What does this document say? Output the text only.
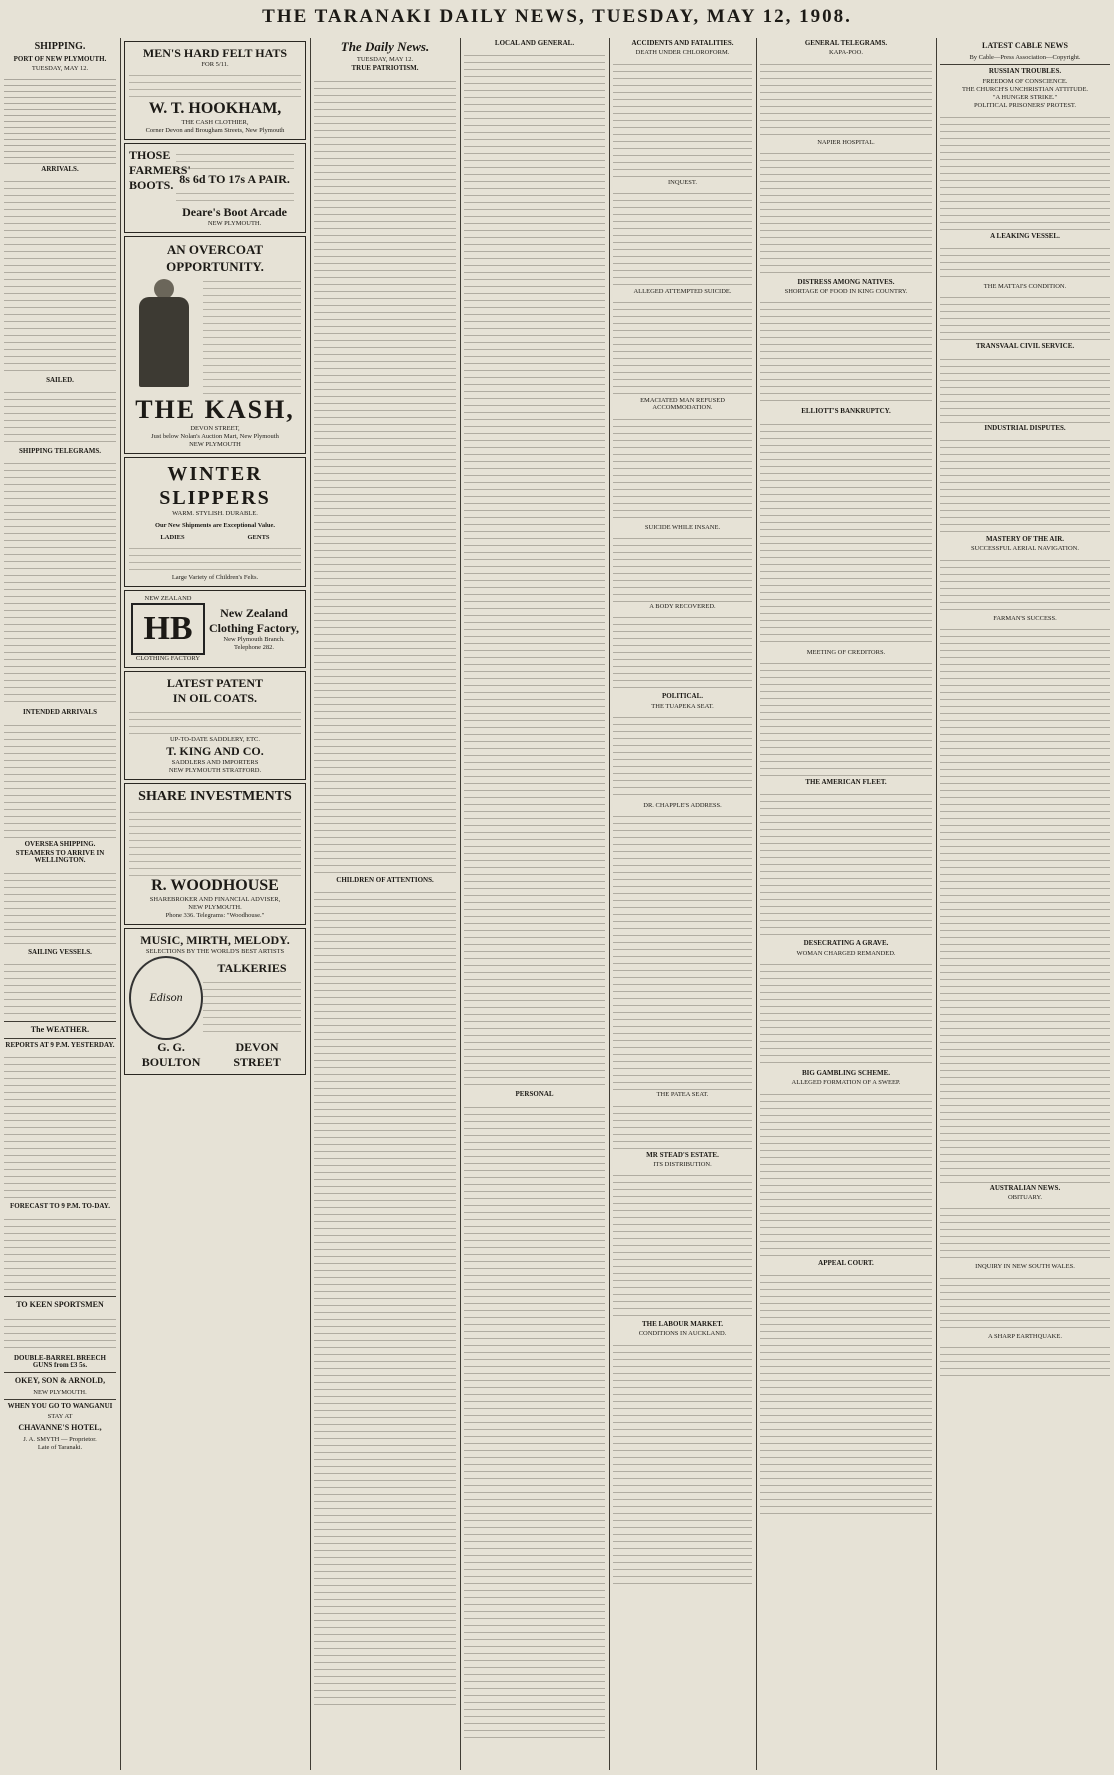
THE TARANAKI DAILY NEWS, TUESDAY, MAY 12, 1908.
SHIPPING.
PORT OF NEW PLYMOUTH.
TUESDAY, MAY 12.
ARRIVALS.
SAILED.
SHIPPING TELEGRAMS.
INTENDED ARRIVALS
OVERSEA SHIPPING.
STEAMERS TO ARRIVE IN WELLINGTON.
SAILING VESSELS.
The WEATHER.
REPORTS AT 9 P.M. YESTERDAY.
FORECAST TO 9 P.M. TO-DAY.
TO KEEN SPORTSMEN
DOUBLE-BARREL BREECH GUNS from £3 5s.
OKEY, SON & ARNOLD,
NEW PLYMOUTH.
WHEN YOU GO TO WANGANUI
STAY AT
CHAVANNE'S HOTEL,
J. A. SMYTH — Proprietor.
Late of Taranaki.
MEN'S HARD FELT HATS
FOR 5/11.
W. T. HOOKHAM,
THE CASH CLOTHIER,
Corner Devon and Brougham Streets, New Plymouth
THOSE FARMERS' BOOTS. 8s 6d TO 17s A PAIR.
Deare's Boot Arcade
NEW PLYMOUTH.
AN OVERCOAT OPPORTUNITY.
THE KASH,
DEVON STREET,
Just below Nolan's Auction Mart, New Plymouth
NEW PLYMOUTH
WINTER SLIPPERS
WARM. STYLISH. DURABLE.
Our New Shipments are Exceptional Value.
LADIES	GENTS
Large Variety of Children's Felts.
NEW ZEALAND
HB
CLOTHING FACTORY
New Zealand Clothing Factory,
New Plymouth Branch.
Telephone 282.
LATEST PATENT
IN OIL COATS.
UP-TO-DATE SADDLERY, ETC.
T. KING AND CO.
SADDLERS AND IMPORTERS
NEW PLYMOUTH STRATFORD.
SHARE INVESTMENTS
R. WOODHOUSE
SHAREBROKER AND FINANCIAL ADVISER,
NEW PLYMOUTH.
Phone 336. Telegrams: "Woodhouse."
MUSIC, MIRTH, MELODY.
SELECTIONS BY THE WORLD'S BEST ARTISTS
Edison
TALKERIES
G. G. BOULTON
DEVON STREET
The Daily News.
TUESDAY, MAY 12.
TRUE PATRIOTISM.
CHILDREN OF ATTENTIONS.
LOCAL AND GENERAL.
PERSONAL
ACCIDENTS AND FATALITIES.
DEATH UNDER CHLOROFORM.
INQUEST.
ALLEGED ATTEMPTED SUICIDE.
EMACIATED MAN REFUSED ACCOMMODATION.
SUICIDE WHILE INSANE.
A BODY RECOVERED.
POLITICAL.
THE TUAPEKA SEAT.
DR. CHAPPLE'S ADDRESS.
THE PATEA SEAT.
MR STEAD'S ESTATE.
ITS DISTRIBUTION.
THE LABOUR MARKET.
CONDITIONS IN AUCKLAND.
GENERAL TELEGRAMS.
KAPA-POO.
NAPIER HOSPITAL.
DISTRESS AMONG NATIVES.
SHORTAGE OF FOOD IN KING COUNTRY.
ELLIOTT'S BANKRUPTCY.
MEETING OF CREDITORS.
THE AMERICAN FLEET.
DESECRATING A GRAVE.
WOMAN CHARGED REMANDED.
BIG GAMBLING SCHEME.
ALLEGED FORMATION OF A SWEEP.
APPEAL COURT.
LATEST CABLE NEWS
By Cable—Press Association—Copyright.
RUSSIAN TROUBLES.
FREEDOM OF CONSCIENCE.
THE CHURCH'S UNCHRISTIAN ATTITUDE.
"A HUNGER STRIKE."
POLITICAL PRISONERS' PROTEST.
A LEAKING VESSEL.
THE MATTAI'S CONDITION.
TRANSVAAL CIVIL SERVICE.
INDUSTRIAL DISPUTES.
MASTERY OF THE AIR.
SUCCESSFUL AERIAL NAVIGATION.
FARMAN'S SUCCESS.
AUSTRALIAN NEWS.
OBITUARY.
INQUIRY IN NEW SOUTH WALES.
A SHARP EARTHQUAKE.
